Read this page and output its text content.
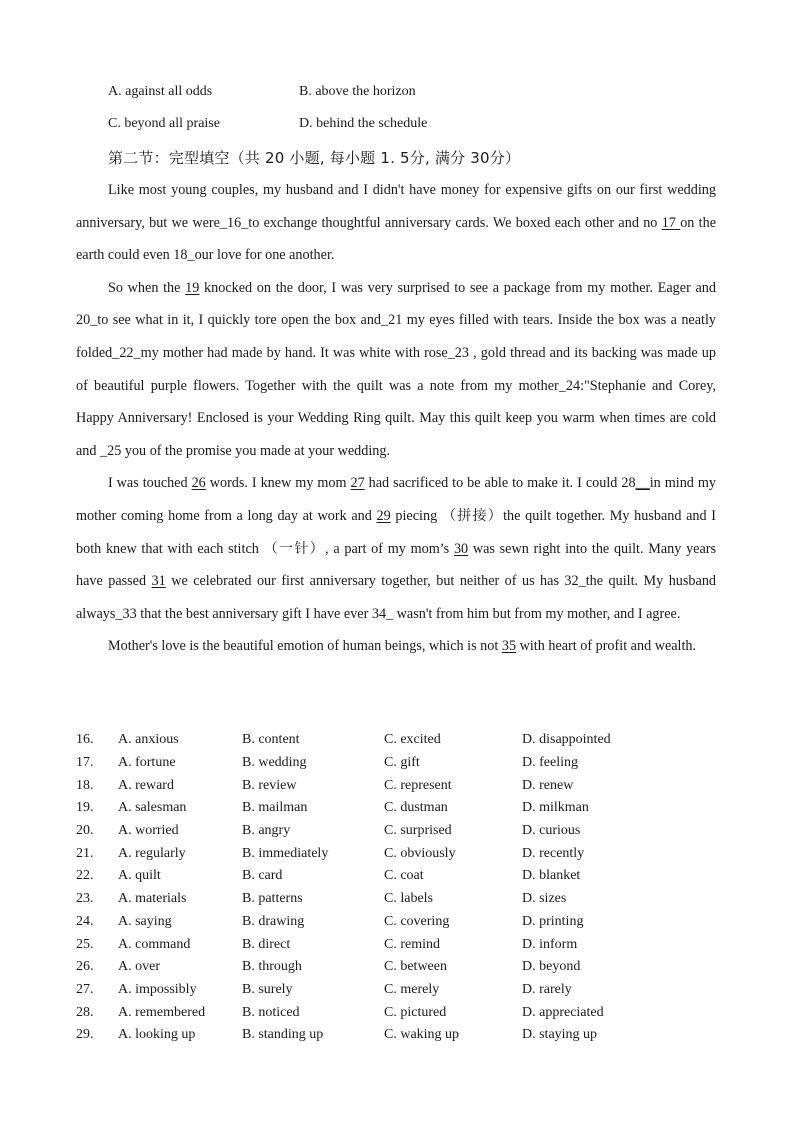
A. against all odds	B. above the horizon
C. beyond all praise	D. behind the schedule
第二节：完型填空（共 20 小题, 每小题 1. 5分, 满分 30分）

Like most young couples, my husband and I didn't have money for expensive gifts on our first wedding anniversary, but we were_16_to exchange thoughtful anniversary cards. We boxed each other and no 17 on the earth could even 18_our love for one another.

So when the 19 knocked on the door, I was very surprised to see a package from my mother. Eager and 20_to see what in it, I quickly tore open the box and_21 my eyes filled with tears. Inside the box was a neatly folded_22_my mother had made by hand. It was white with rose_23 , gold thread and its backing was made up of beautiful purple flowers. Together with the quilt was a note from my mother_24:"Stephanie and Corey, Happy Anniversary! Enclosed is your Wedding Ring quilt. May this quilt keep you warm when times are cold and _25 you of the promise you made at your wedding.

I was touched 26 words. I knew my mom 27 had sacrificed to be able to make it. I could 28__in mind my mother coming home from a long day at work and 29 piecing （拼接）the quilt together. My husband and I both knew that with each stitch （一针）, a part of my mom’s 30 was sewn right into the quilt. Many years have passed 31 we celebrated our first anniversary together, but neither of us has 32_the quilt. My husband always_33 that the best anniversary gift I have ever 34_ wasn't from him but from my mother, and I agree.

Mother's love is the beautiful emotion of human beings, which is not 35 with heart of profit and wealth.

16.	A. anxious	B. content	C. excited	D. disappointed
17.	A. fortune	B. wedding	C. gift	D. feeling
18.	A. reward	B. review	C. represent	D. renew
19.	A. salesman	B. mailman	C. dustman	D. milkman
20.	A. worried	B. angry	C. surprised	D. curious
21.	A. regularly	B. immediately	C. obviously	D. recently
22.	A. quilt	B. card	C. coat	D. blanket
23.	A. materials	B. patterns	C. labels	D. sizes
24.	A. saying	B. drawing	C. covering	D. printing
25.	A. command	B. direct	C. remind	D. inform
26.	A. over	B. through	C. between	D. beyond
27.	A. impossibly	B. surely	C. merely	D. rarely
28.	A. remembered	B. noticed	C. pictured	D. appreciated
29.	A. looking up	B. standing up	C. waking up	D. staying up
